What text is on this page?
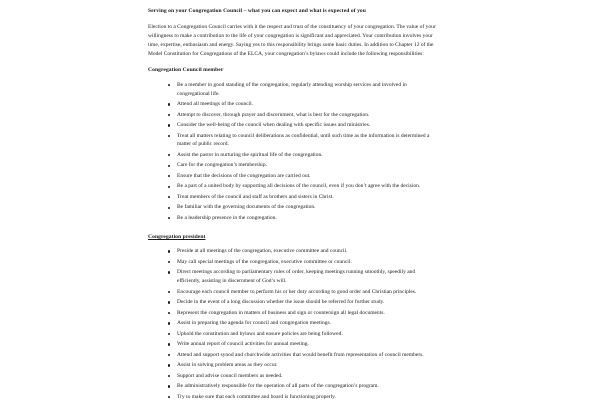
Serving on your Congregation Council – what you can expect and what is expected of you

Election to a Congregation Council carries with it the respect and trust of the constituency of your congregation. The value of your willingness to make a contribution to the life of your congregation is significant and appreciated. Your contribution involves your time, expertise, enthusiasm and energy. Saying yes to this responsibility brings some basic duties. In addition to Chapter 12 of the Model Constitution for Congregations of the ELCA, your congregation’s bylaws could include the following responsibilities:

Congregation Council member
Be a member in good standing of the congregation, regularly attending worship services and involved in congregational life.
Attend all meetings of the council.
Attempt to discover, through prayer and discernment, what is best for the congregation.
Consider the well-being of the council when dealing with specific issues and ministries.
Treat all matters relating to council deliberations as confidential, until such time as the information is determined a matter of public record.
Assist the pastor in nurturing the spiritual life of the congregation.
Care for the congregation’s membership.
Ensure that the decisions of the congregation are carried out.
Be a part of a united body by supporting all decisions of the council, even if you don’t agree with the decision.
Treat members of the council and staff as brothers and sisters in Christ.
Be familiar with the governing documents of the congregation.
Be a leadership presence in the congregation.
Congregation president
Preside at all meetings of the congregation, executive committee and council.
May call special meetings of the congregation, executive committee or council.
Direct meetings according to parliamentary rules of order, keeping meetings running smoothly, speedily and efficiently, assisting in discernment of God’s will.
Encourage each council member to perform his or her duty according to good order and Christian principles.
Decide in the event of a long discussion whether the issue should be referred for further study.
Represent the congregation in matters of business and sign or countersign all legal documents.
Assist in preparing the agenda for council and congregation meetings.
Uphold the constitution and bylaws and ensure policies are being followed.
Write annual report of council activities for annual meeting.
Attend and support synod and churchwide activities that would benefit from representation of council members.
Assist in solving problem areas as they occur.
Support and advise council members as needed.
Be administratively responsible for the operation of all parts of the congregation’s program.
Try to make sure that each committee and board is functioning properly.
